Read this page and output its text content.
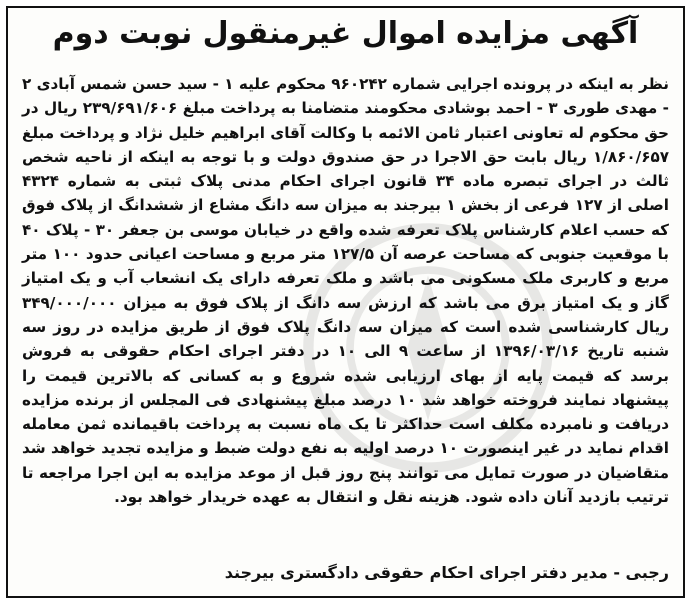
آگهی مزایده اموال غیرمنقول نوبت دوم
نظر به اینکه در پرونده اجرایی شماره ۹۶۰۲۴۲ محکوم علیه ۱ - سید حسن شمس آبادی ۲ - مهدی طوری ۳ - احمد بوشادی محکومند متضامنا به پرداخت مبلغ ۲۳۹/۶۹۱/۶۰۶ ریال در حق محکوم له تعاونی اعتبار ثامن الائمه با وکالت آقای ابراهیم خلیل نژاد و پرداخت مبلغ ۱/۸۶۰/۶۵۷ ریال بابت حق الاجرا در حق صندوق دولت و با توجه به اینکه از ناحیه شخص ثالث در اجرای تبصره ماده ۳۴ قانون اجرای احکام مدنی پلاک ثبتی به شماره ۴۳۲۴ اصلی از ۱۲۷ فرعی از بخش ۱ بیرجند به میزان سه دانگ مشاع از ششدانگ از پلاک فوق که حسب اعلام کارشناس پلاک تعرفه شده واقع در خیابان موسی بن جعفر ۳۰ - پلاک ۴۰ با موقعیت جنوبی که مساحت عرصه آن ۱۲۷/۵ متر مربع و مساحت اعیانی حدود ۱۰۰ متر مربع و کاربری ملک مسکونی می باشد و ملک تعرفه دارای یک انشعاب آب و یک امتیاز گاز و یک امتیاز برق می باشد که ارزش سه دانگ از پلاک فوق به میزان ۳۴۹/۰۰۰/۰۰۰ ریال کارشناسی شده است که میزان سه دانگ پلاک فوق از طریق مزایده در روز سه شنبه تاریخ ۱۳۹۶/۰۳/۱۶ از ساعت ۹ الی ۱۰ در دفتر اجرای احکام حقوقی به فروش برسد که قیمت پایه از بهای ارزیابی شده شروع و به کسانی که بالاترین قیمت را پیشنهاد نمایند فروخته خواهد شد ۱۰ درصد مبلغ پیشنهادی فی المجلس از برنده مزایده دریافت و نامبرده مکلف است حداکثر تا یک ماه نسبت به پرداخت باقیمانده ثمن معامله اقدام نماید در غیر اینصورت ۱۰ درصد اولیه به نفع دولت ضبط و مزایده تجدید خواهد شد متقاضیان در صورت تمایل می توانند پنج روز قبل از موعد مزایده به این اجرا مراجعه تا ترتیب بازدید آنان داده شود. هزینه نقل و انتقال به عهده خریدار خواهد بود.
رجبی - مدیر دفتر اجرای احکام حقوقی دادگستری بیرجند
